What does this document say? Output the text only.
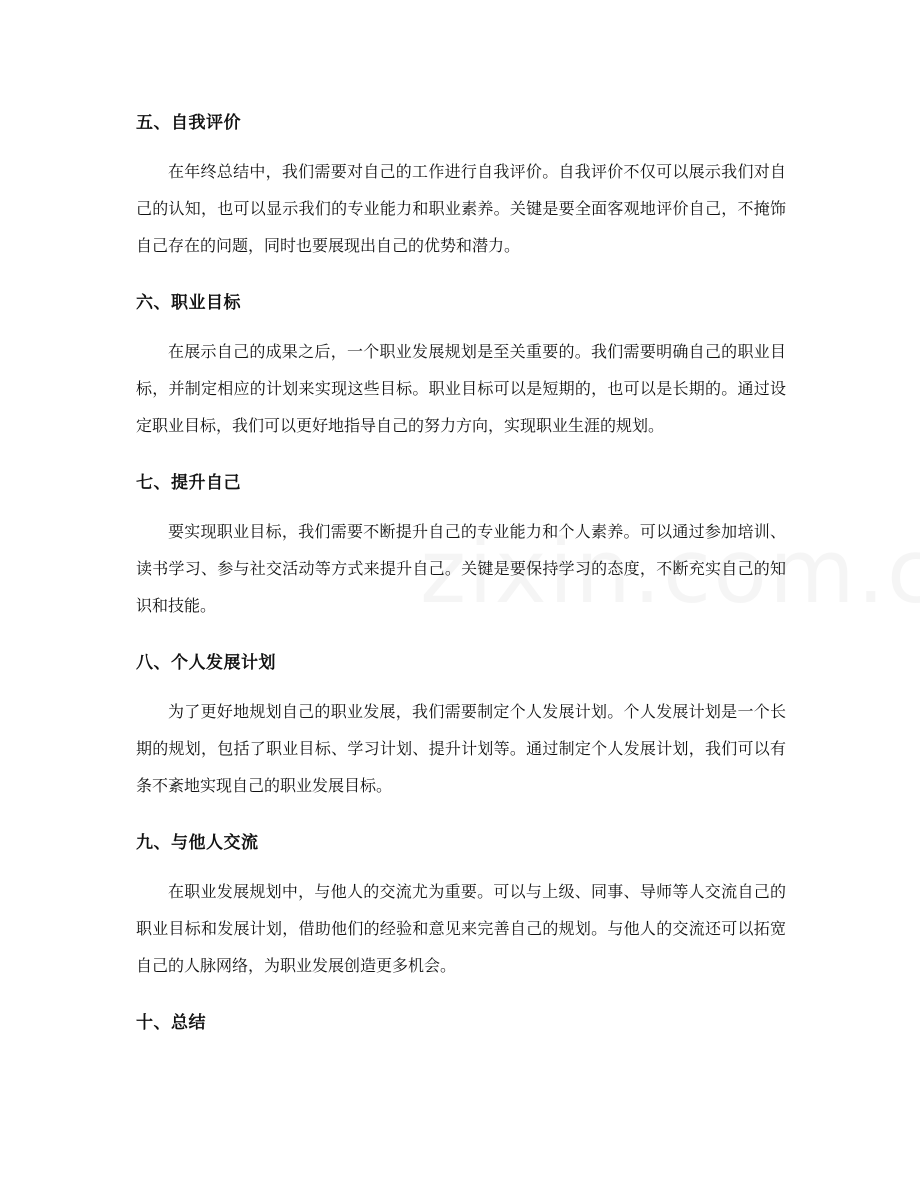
五、自我评价

在年终总结中，我们需要对自己的工作进行自我评价。自我评价不仅可以展示我们对自己的认知，也可以显示我们的专业能力和职业素养。关键是要全面客观地评价自己，不掩饰自己存在的问题，同时也要展现出自己的优势和潜力。

六、职业目标

在展示自己的成果之后，一个职业发展规划是至关重要的。我们需要明确自己的职业目标，并制定相应的计划来实现这些目标。职业目标可以是短期的，也可以是长期的。通过设定职业目标，我们可以更好地指导自己的努力方向，实现职业生涯的规划。

七、提升自己

要实现职业目标，我们需要不断提升自己的专业能力和个人素养。可以通过参加培训、读书学习、参与社交活动等方式来提升自己。关键是要保持学习的态度，不断充实自己的知识和技能。

八、个人发展计划

为了更好地规划自己的职业发展，我们需要制定个人发展计划。个人发展计划是一个长期的规划，包括了职业目标、学习计划、提升计划等。通过制定个人发展计划，我们可以有条不紊地实现自己的职业发展目标。

九、与他人交流

在职业发展规划中，与他人的交流尤为重要。可以与上级、同事、导师等人交流自己的职业目标和发展计划，借助他们的经验和意见来完善自己的规划。与他人的交流还可以拓宽自己的人脉网络，为职业发展创造更多机会。

十、总结
